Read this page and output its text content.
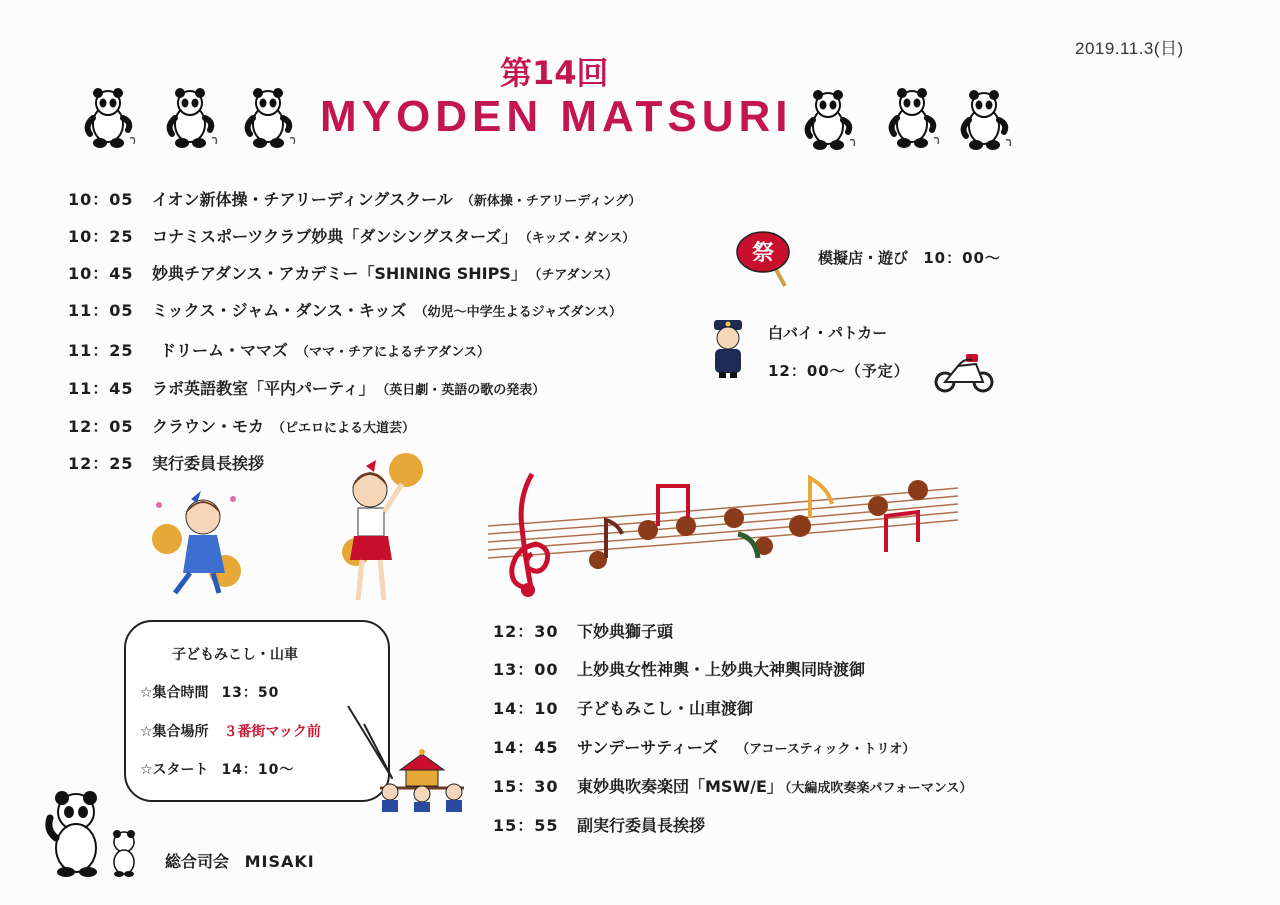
2019.11.3(日)
第14回
MYODEN MATSURI
10：05 イオン新体操・チアリーディングスクール （新体操・チアリーディング）
10：25 コナミスポーツクラブ妙典「ダンシングスターズ」 （キッズ・ダンス）
10：45 妙典チアダンス・アカデミー「SHINING SHIPS」 （チアダンス）
11：05 ミックス・ジャム・ダンス・キッズ （幼児～中学生よるジャズダンス）
11：25 ドリーム・ママズ （ママ・チアによるチアダンス）
11：45 ラボ英語教室「平内パーティ」 （英日劇・英語の歌の発表）
12：05 クラウン・モカ （ピエロによる大道芸）
12：25 実行委員長挨拶
祭	模擬店・遊び 10：00～
白バイ・パトカー
12：00～（予定）
12：30 下妙典獅子頭
13：00 上妙典女性神輿・上妙典大神輿同時渡御
14：10 子どもみこし・山車渡御
14：45 サンデーサティーズ （アコースティック・トリオ）
15：30 東妙典吹奏楽団「MSW/E」 （大編成吹奏楽パフォーマンス）
15：55 副実行委員長挨拶
子どもみこし・山車
☆集合時間 13：50
☆集合場所 ３番街マック前
☆スタート 14：10～
総合司会 MISAKI
